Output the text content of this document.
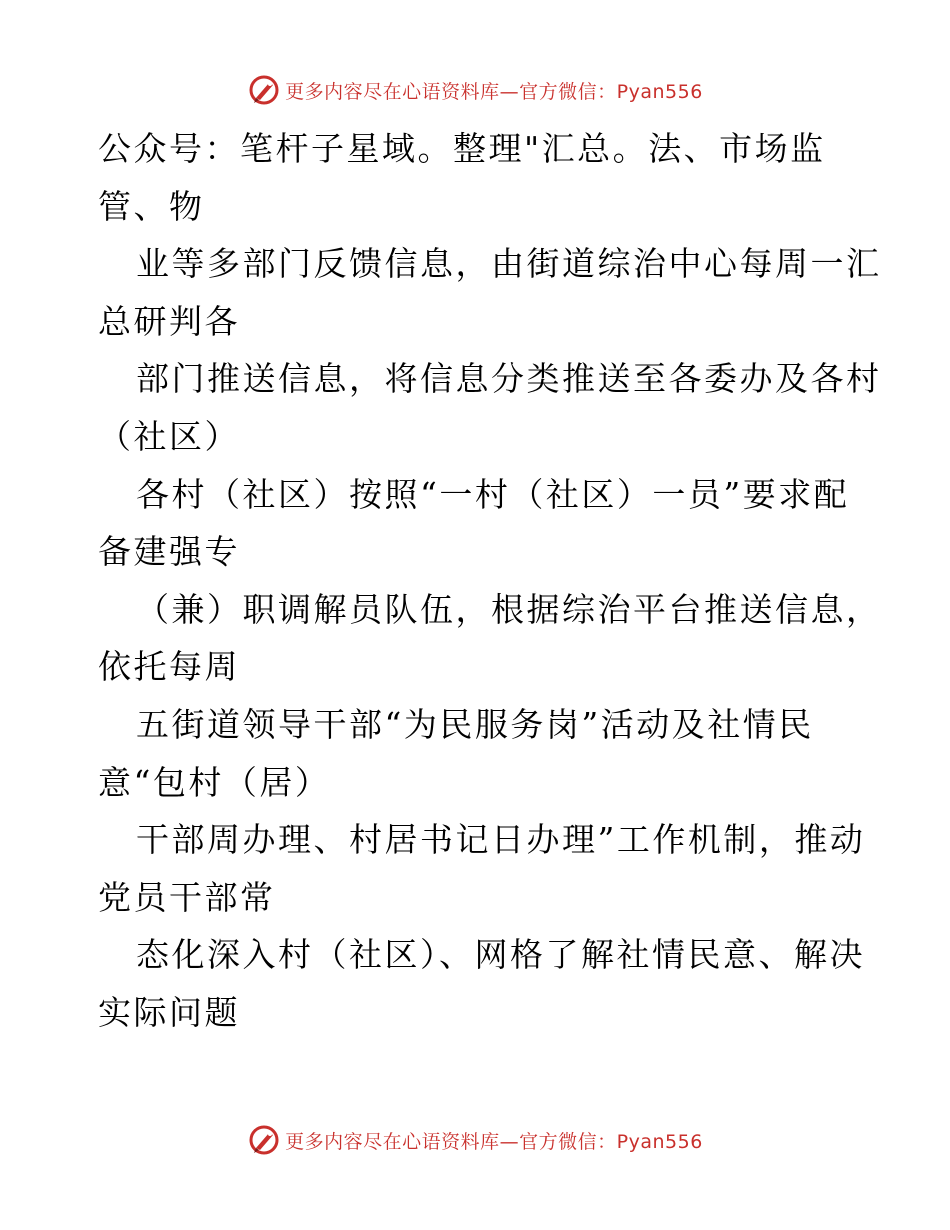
更多内容尽在心语资料库—官方微信：Pyan556
公众号：笔杆子星域。整理"汇总。法、市场监
管、物
业等多部门反馈信息，由街道综治中心每周一汇
总研判各
部门推送信息，将信息分类推送至各委办及各村
（社区）
各村（社区）按照“一村（社区）一员”要求配
备建强专
（兼）职调解员队伍，根据综治平台推送信息，
依托每周
五街道领导干部“为民服务岗”活动及社情民
意“包村（居）
干部周办理、村居书记日办理”工作机制，推动
党员干部常
态化深入村（社区）、网格了解社情民意、解决
实际问题
更多内容尽在心语资料库—官方微信：Pyan556
